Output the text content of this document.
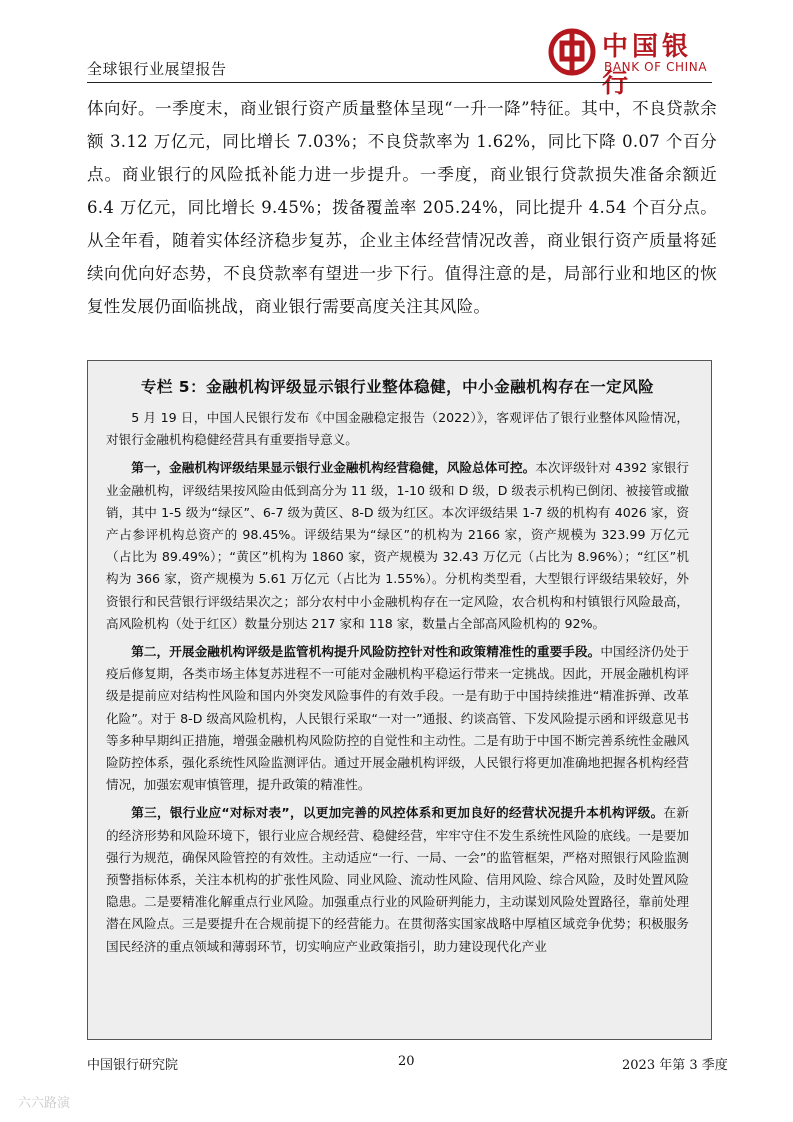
全球银行业展望报告
中国银行
BANK OF CHINA

体向好。一季度末，商业银行资产质量整体呈现“一升一降”特征。其中，不良贷款余额 3.12 万亿元，同比增长 7.03%；不良贷款率为 1.62%，同比下降 0.07 个百分点。商业银行的风险抵补能力进一步提升。一季度，商业银行贷款损失准备余额近 6.4 万亿元，同比增长 9.45%；拨备覆盖率 205.24%，同比提升 4.54 个百分点。从全年看，随着实体经济稳步复苏，企业主体经营情况改善，商业银行资产质量将延续向优向好态势，不良贷款率有望进一步下行。值得注意的是，局部行业和地区的恢复性发展仍面临挑战，商业银行需要高度关注其风险。

专栏 5：金融机构评级显示银行业整体稳健，中小金融机构存在一定风险

5 月 19 日，中国人民银行发布《中国金融稳定报告（2022）》，客观评估了银行业整体风险情况，对银行金融机构稳健经营具有重要指导意义。

第一，金融机构评级结果显示银行业金融机构经营稳健，风险总体可控。本次评级针对 4392 家银行业金融机构，评级结果按风险由低到高分为 11 级，1-10 级和 D 级，D 级表示机构已倒闭、被接管或撤销，其中 1-5 级为“绿区”、6-7 级为黄区、8-D 级为红区。本次评级结果 1-7 级的机构有 4026 家，资产占参评机构总资产的 98.45%。评级结果为“绿区”的机构为 2166 家，资产规模为 323.99 万亿元（占比为 89.49%）；“黄区”机构为 1860 家，资产规模为 32.43 万亿元（占比为 8.96%）；“红区”机构为 366 家，资产规模为 5.61 万亿元（占比为 1.55%）。分机构类型看，大型银行评级结果较好，外资银行和民营银行评级结果次之；部分农村中小金融机构存在一定风险，农合机构和村镇银行风险最高，高风险机构（处于红区）数量分别达 217 家和 118 家，数量占全部高风险机构的 92%。

第二，开展金融机构评级是监管机构提升风险防控针对性和政策精准性的重要手段。中国经济仍处于疫后修复期，各类市场主体复苏进程不一可能对金融机构平稳运行带来一定挑战。因此，开展金融机构评级是提前应对结构性风险和国内外突发风险事件的有效手段。一是有助于中国持续推进“精准拆弹、改革化险”。对于 8-D 级高风险机构，人民银行采取“一对一”通报、约谈高管、下发风险提示函和评级意见书等多种早期纠正措施，增强金融机构风险防控的自觉性和主动性。二是有助于中国不断完善系统性金融风险防控体系，强化系统性风险监测评估。通过开展金融机构评级，人民银行将更加准确地把握各机构经营情况，加强宏观审慎管理，提升政策的精准性。

第三，银行业应“对标对表”，以更加完善的风控体系和更加良好的经营状况提升本机构评级。在新的经济形势和风险环境下，银行业应合规经营、稳健经营，牢牢守住不发生系统性风险的底线。一是要加强行为规范，确保风险管控的有效性。主动适应“一行、一局、一会”的监管框架，严格对照银行风险监测预警指标体系，关注本机构的扩张性风险、同业风险、流动性风险、信用风险、综合风险，及时处置风险隐患。二是要精准化解重点行业风险。加强重点行业的风险研判能力，主动谋划风险处置路径，靠前处理潜在风险点。三是要提升在合规前提下的经营能力。在贯彻落实国家战略中厚植区域竞争优势；积极服务国民经济的重点领域和薄弱环节，切实响应产业政策指引，助力建设现代化产业

中国银行研究院	20	2023 年第 3 季度
六六路演
